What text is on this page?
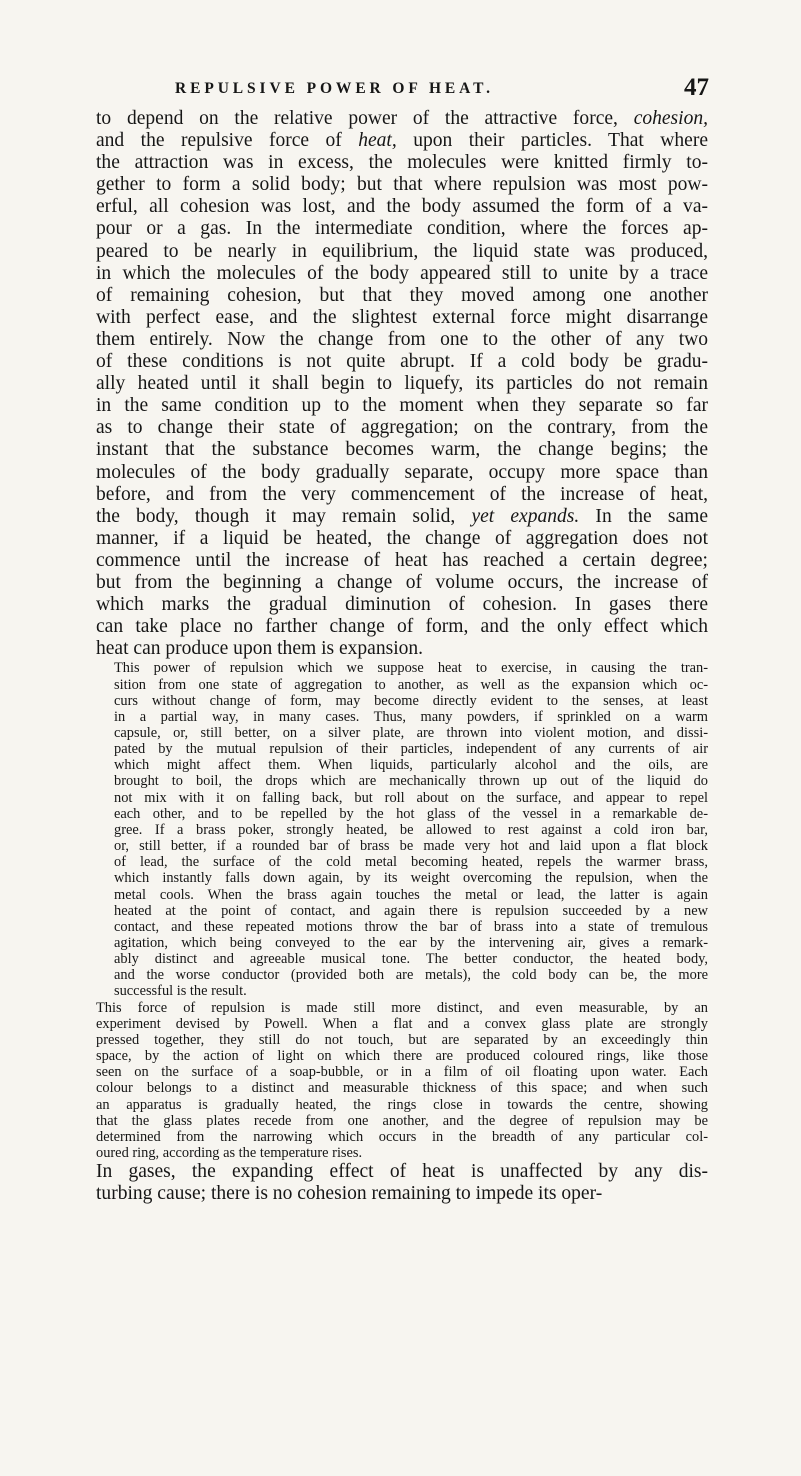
REPULSIVE POWER OF HEAT.	47
to depend on the relative power of the attractive force, cohesion,
and the repulsive force of heat, upon their particles. That where
the attraction was in excess, the molecules were knitted firmly to-
gether to form a solid body; but that where repulsion was most pow-
erful, all cohesion was lost, and the body assumed the form of a va-
pour or a gas. In the intermediate condition, where the forces ap-
peared to be nearly in equilibrium, the liquid state was produced,
in which the molecules of the body appeared still to unite by a trace
of remaining cohesion, but that they moved among one another
with perfect ease, and the slightest external force might disarrange
them entirely. Now the change from one to the other of any two
of these conditions is not quite abrupt. If a cold body be gradu-
ally heated until it shall begin to liquefy, its particles do not remain
in the same condition up to the moment when they separate so far
as to change their state of aggregation; on the contrary, from the
instant that the substance becomes warm, the change begins; the
molecules of the body gradually separate, occupy more space than
before, and from the very commencement of the increase of heat,
the body, though it may remain solid, yet expands. In the same
manner, if a liquid be heated, the change of aggregation does not
commence until the increase of heat has reached a certain degree;
but from the beginning a change of volume occurs, the increase of
which marks the gradual diminution of cohesion. In gases there
can take place no farther change of form, and the only effect which
heat can produce upon them is expansion.
This power of repulsion which we suppose heat to exercise, in causing the tran-
sition from one state of aggregation to another, as well as the expansion which oc-
curs without change of form, may become directly evident to the senses, at least
in a partial way, in many cases. Thus, many powders, if sprinkled on a warm
capsule, or, still better, on a silver plate, are thrown into violent motion, and dissi-
pated by the mutual repulsion of their particles, independent of any currents of air
which might affect them. When liquids, particularly alcohol and the oils, are
brought to boil, the drops which are mechanically thrown up out of the liquid do
not mix with it on falling back, but roll about on the surface, and appear to repel
each other, and to be repelled by the hot glass of the vessel in a remarkable de-
gree. If a brass poker, strongly heated, be allowed to rest against a cold iron bar,
or, still better, if a rounded bar of brass be made very hot and laid upon a flat block
of lead, the surface of the cold metal becoming heated, repels the warmer brass,
which instantly falls down again, by its weight overcoming the repulsion, when the
metal cools. When the brass again touches the metal or lead, the latter is again
heated at the point of contact, and again there is repulsion succeeded by a new
contact, and these repeated motions throw the bar of brass into a state of tremulous
agitation, which being conveyed to the ear by the intervening air, gives a remark-
ably distinct and agreeable musical tone. The better conductor, the heated body,
and the worse conductor (provided both are metals), the cold body can be, the more
successful is the result.
This force of repulsion is made still more distinct, and even measurable, by an
experiment devised by Powell. When a flat and a convex glass plate are strongly
pressed together, they still do not touch, but are separated by an exceedingly thin
space, by the action of light on which there are produced coloured rings, like those
seen on the surface of a soap-bubble, or in a film of oil floating upon water. Each
colour belongs to a distinct and measurable thickness of this space; and when such
an apparatus is gradually heated, the rings close in towards the centre, showing
that the glass plates recede from one another, and the degree of repulsion may be
determined from the narrowing which occurs in the breadth of any particular col-
oured ring, according as the temperature rises.
In gases, the expanding effect of heat is unaffected by any dis-
turbing cause; there is no cohesion remaining to impede its oper-
